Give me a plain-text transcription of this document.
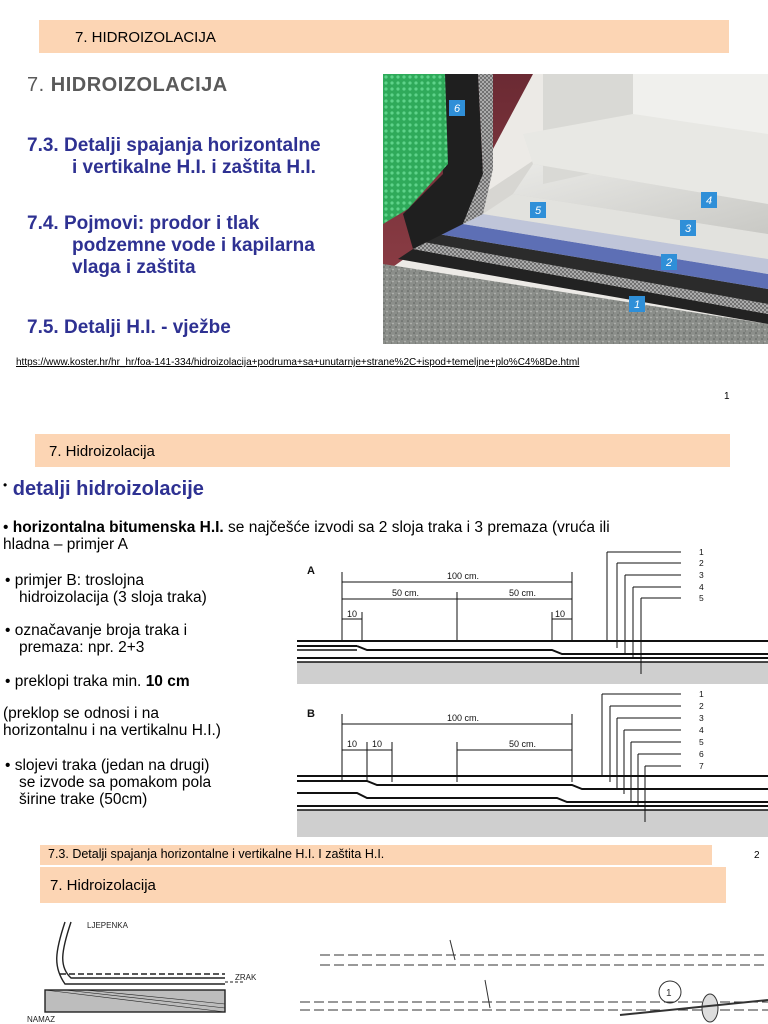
7. HIDROIZOLACIJA
7. HIDROIZOLACIJA
7.3. Detalji spajanja horizontalne
i vertikalne H.I. i zaštita H.I.
7.4. Pojmovi: prodor i tlak
podzemne vode i kapilarna
vlaga i zaštita
7.5. Detalji H.I. - vježbe
6
5
4
3
2
1
https://www.koster.hr/hr_hr/foa-141-334/hidroizolacija+podruma+sa+unutarnje+strane%2C+ispod+temeljne+plo%C4%8De.html
1
7. Hidroizolacija
• detalji hidroizolacije
• horizontalna bitumenska H.I. se najčešće izvodi sa 2 sloja traka i 3 premaza (vruća ili
hladna – primjer A
• primjer B: troslojna
hidroizolacija (3 sloja traka)
• označavanje broja traka i
premaza: npr. 2+3
• preklopi traka min. 10 cm
(preklop se odnosi i na
horizontalnu i na vertikalnu H.I.)
• slojevi traka (jedan na drugi)
se izvode sa pomakom pola
širine trake (50cm)
A	100 cm.
50 cm.	50 cm.
10	10
B	100 cm.
10 10	50 cm.
1
2
3
4
5
1
2
3
4
5
6
7
7.3. Detalji spajanja horizontalne i vertikalne H.I. I zaštita H.I.	2
7. Hidroizolacija
LJEPENKA
ZRAK
NAMAZ
1
